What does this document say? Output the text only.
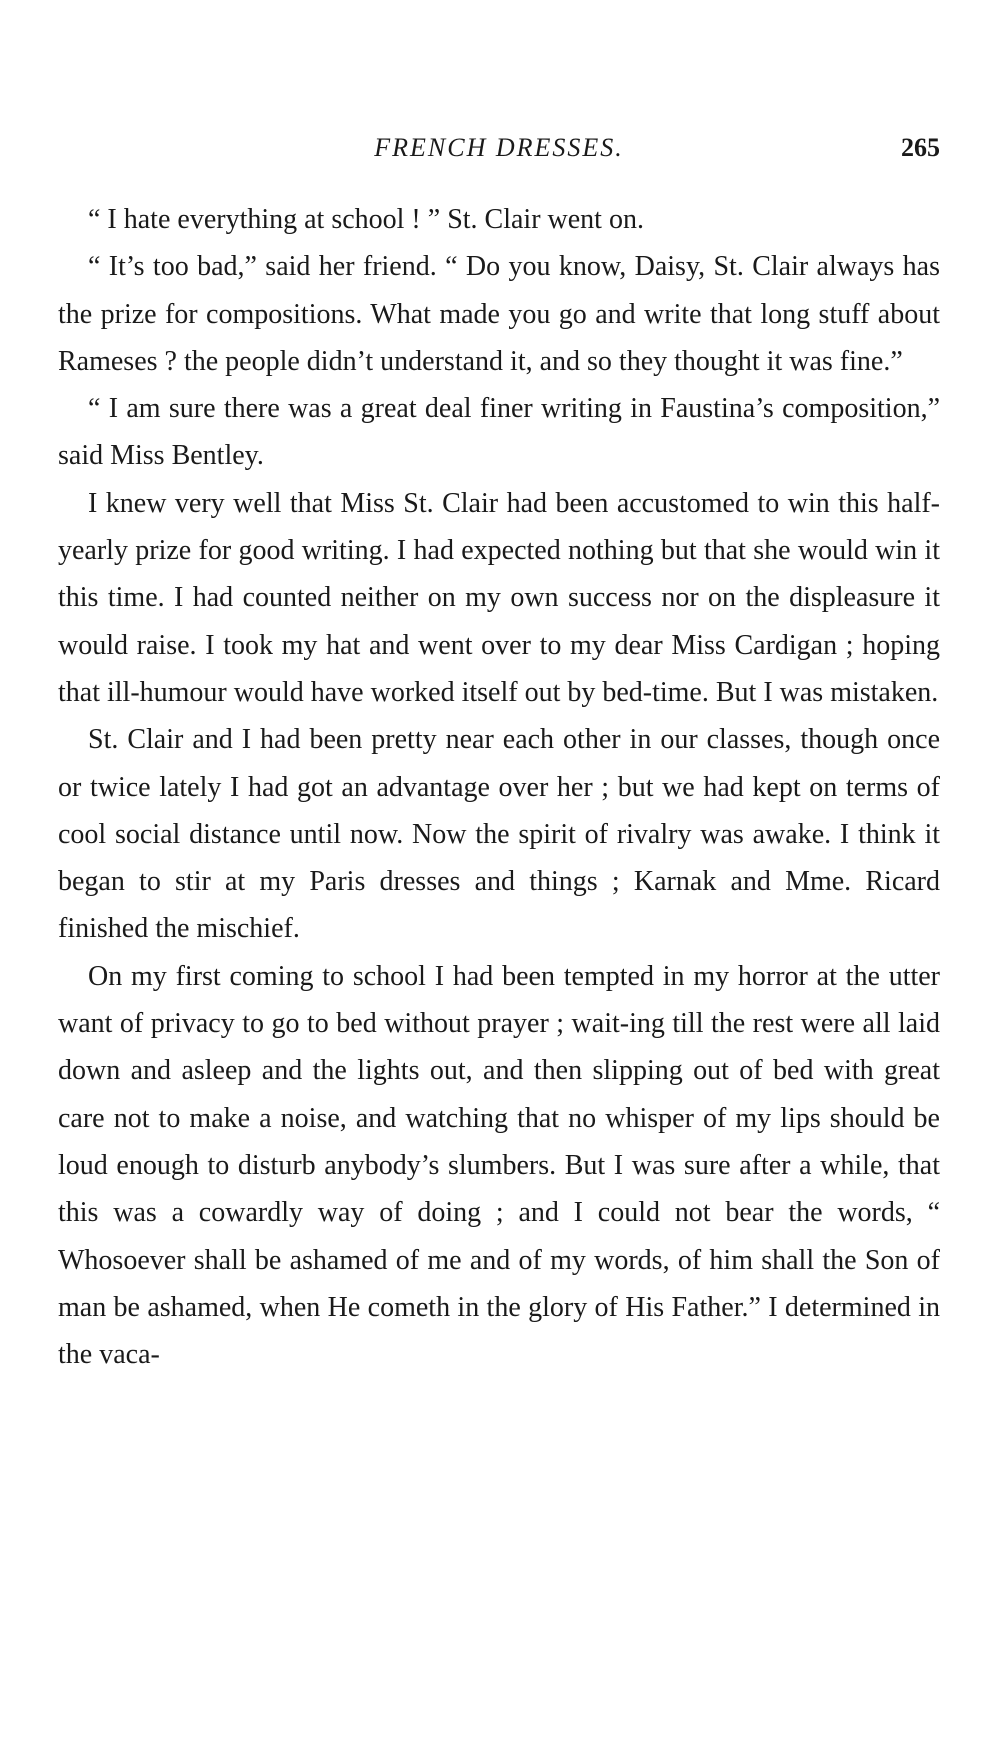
FRENCH DRESSES.	265

“ I hate everything at school ! ” St. Clair went on.

“ It’s too bad,” said her friend. “ Do you know, Daisy, St. Clair always has the prize for compositions. What made you go and write that long stuff about Rameses ? the people didn’t understand it, and so they thought it was fine.”

“ I am sure there was a great deal finer writing in Faustina’s composition,” said Miss Bentley.

I knew very well that Miss St. Clair had been accustomed to win this half-yearly prize for good writing. I had expected nothing but that she would win it this time. I had counted neither on my own success nor on the displeasure it would raise. I took my hat and went over to my dear Miss Cardigan ; hoping that ill-humour would have worked itself out by bed-time. But I was mistaken.

St. Clair and I had been pretty near each other in our classes, though once or twice lately I had got an advantage over her ; but we had kept on terms of cool social distance until now. Now the spirit of rivalry was awake. I think it began to stir at my Paris dresses and things ; Karnak and Mme. Ricard finished the mischief.

On my first coming to school I had been tempted in my horror at the utter want of privacy to go to bed without prayer ; wait-ing till the rest were all laid down and asleep and the lights out, and then slipping out of bed with great care not to make a noise, and watching that no whisper of my lips should be loud enough to disturb anybody’s slumbers. But I was sure after a while, that this was a cowardly way of doing ; and I could not bear the words, “ Whosoever shall be ashamed of me and of my words, of him shall the Son of man be ashamed, when He cometh in the glory of His Father.” I determined in the vaca-
